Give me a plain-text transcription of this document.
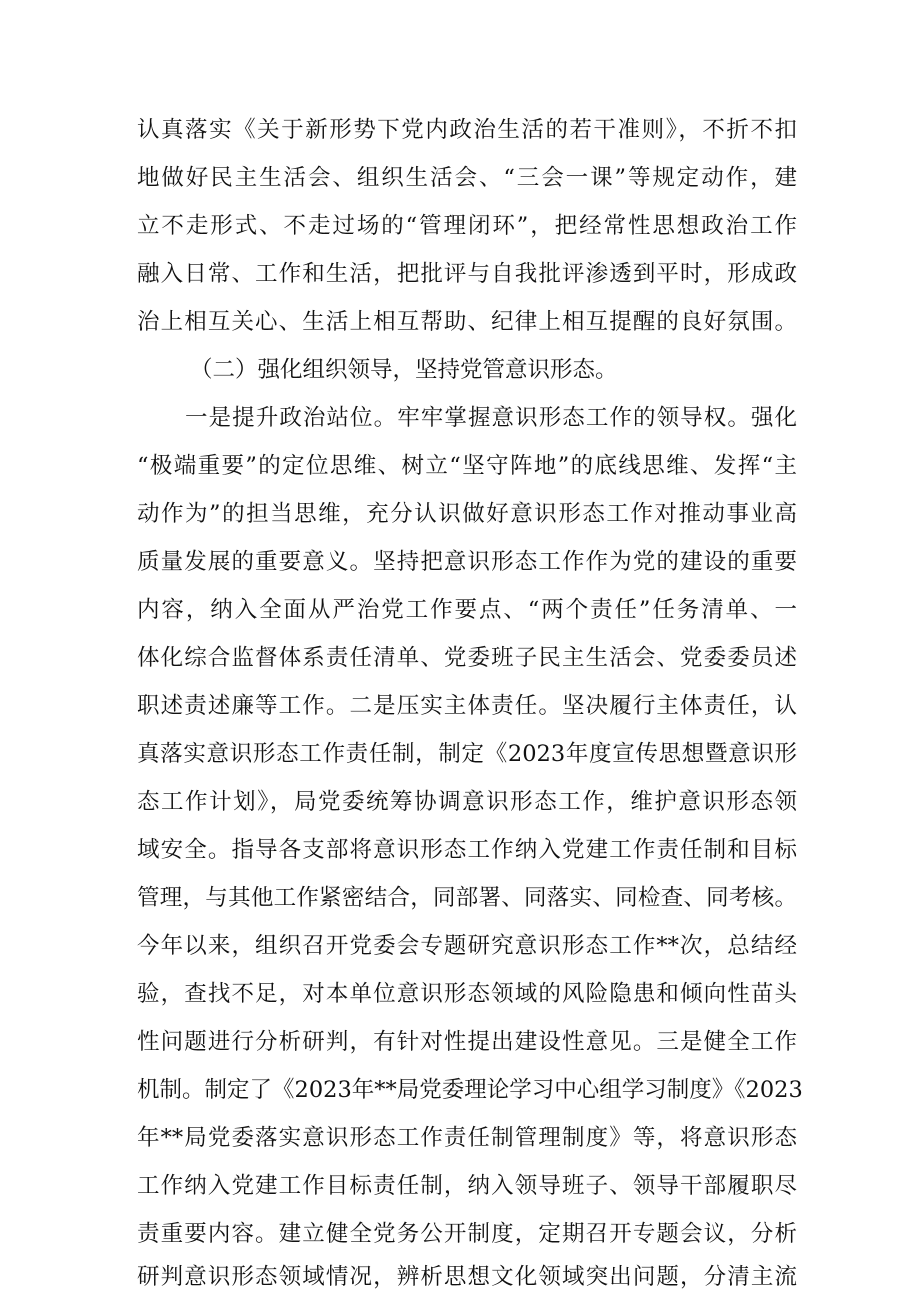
认真落实《关于新形势下党内政治生活的若干准则》，不折不扣
地做好民主生活会、组织生活会、“三会一课”等规定动作，建
立不走形式、不走过场的“管理闭环”，把经常性思想政治工作
融入日常、工作和生活，把批评与自我批评渗透到平时，形成政
治上相互关心、生活上相互帮助、纪律上相互提醒的良好氛围。
（二）强化组织领导，坚持党管意识形态。
一是提升政治站位。牢牢掌握意识形态工作的领导权。强化
“极端重要”的定位思维、树立“坚守阵地”的底线思维、发挥“主
动作为”的担当思维，充分认识做好意识形态工作对推动事业高
质量发展的重要意义。坚持把意识形态工作作为党的建设的重要
内容，纳入全面从严治党工作要点、“两个责任”任务清单、一
体化综合监督体系责任清单、党委班子民主生活会、党委委员述
职述责述廉等工作。二是压实主体责任。坚决履行主体责任，认
真落实意识形态工作责任制，制定《2023年度宣传思想暨意识形
态工作计划》，局党委统筹协调意识形态工作，维护意识形态领
域安全。指导各支部将意识形态工作纳入党建工作责任制和目标
管理，与其他工作紧密结合，同部署、同落实、同检查、同考核。
今年以来，组织召开党委会专题研究意识形态工作**次，总结经
验，查找不足，对本单位意识形态领域的风险隐患和倾向性苗头
性问题进行分析研判，有针对性提出建设性意见。三是健全工作
机制。制定了《2023年**局党委理论学习中心组学习制度》《2023
年**局党委落实意识形态工作责任制管理制度》等，将意识形态
工作纳入党建工作目标责任制，纳入领导班子、领导干部履职尽
责重要内容。建立健全党务公开制度，定期召开专题会议，分析
研判意识形态领域情况，辨析思想文化领域突出问题，分清主流
